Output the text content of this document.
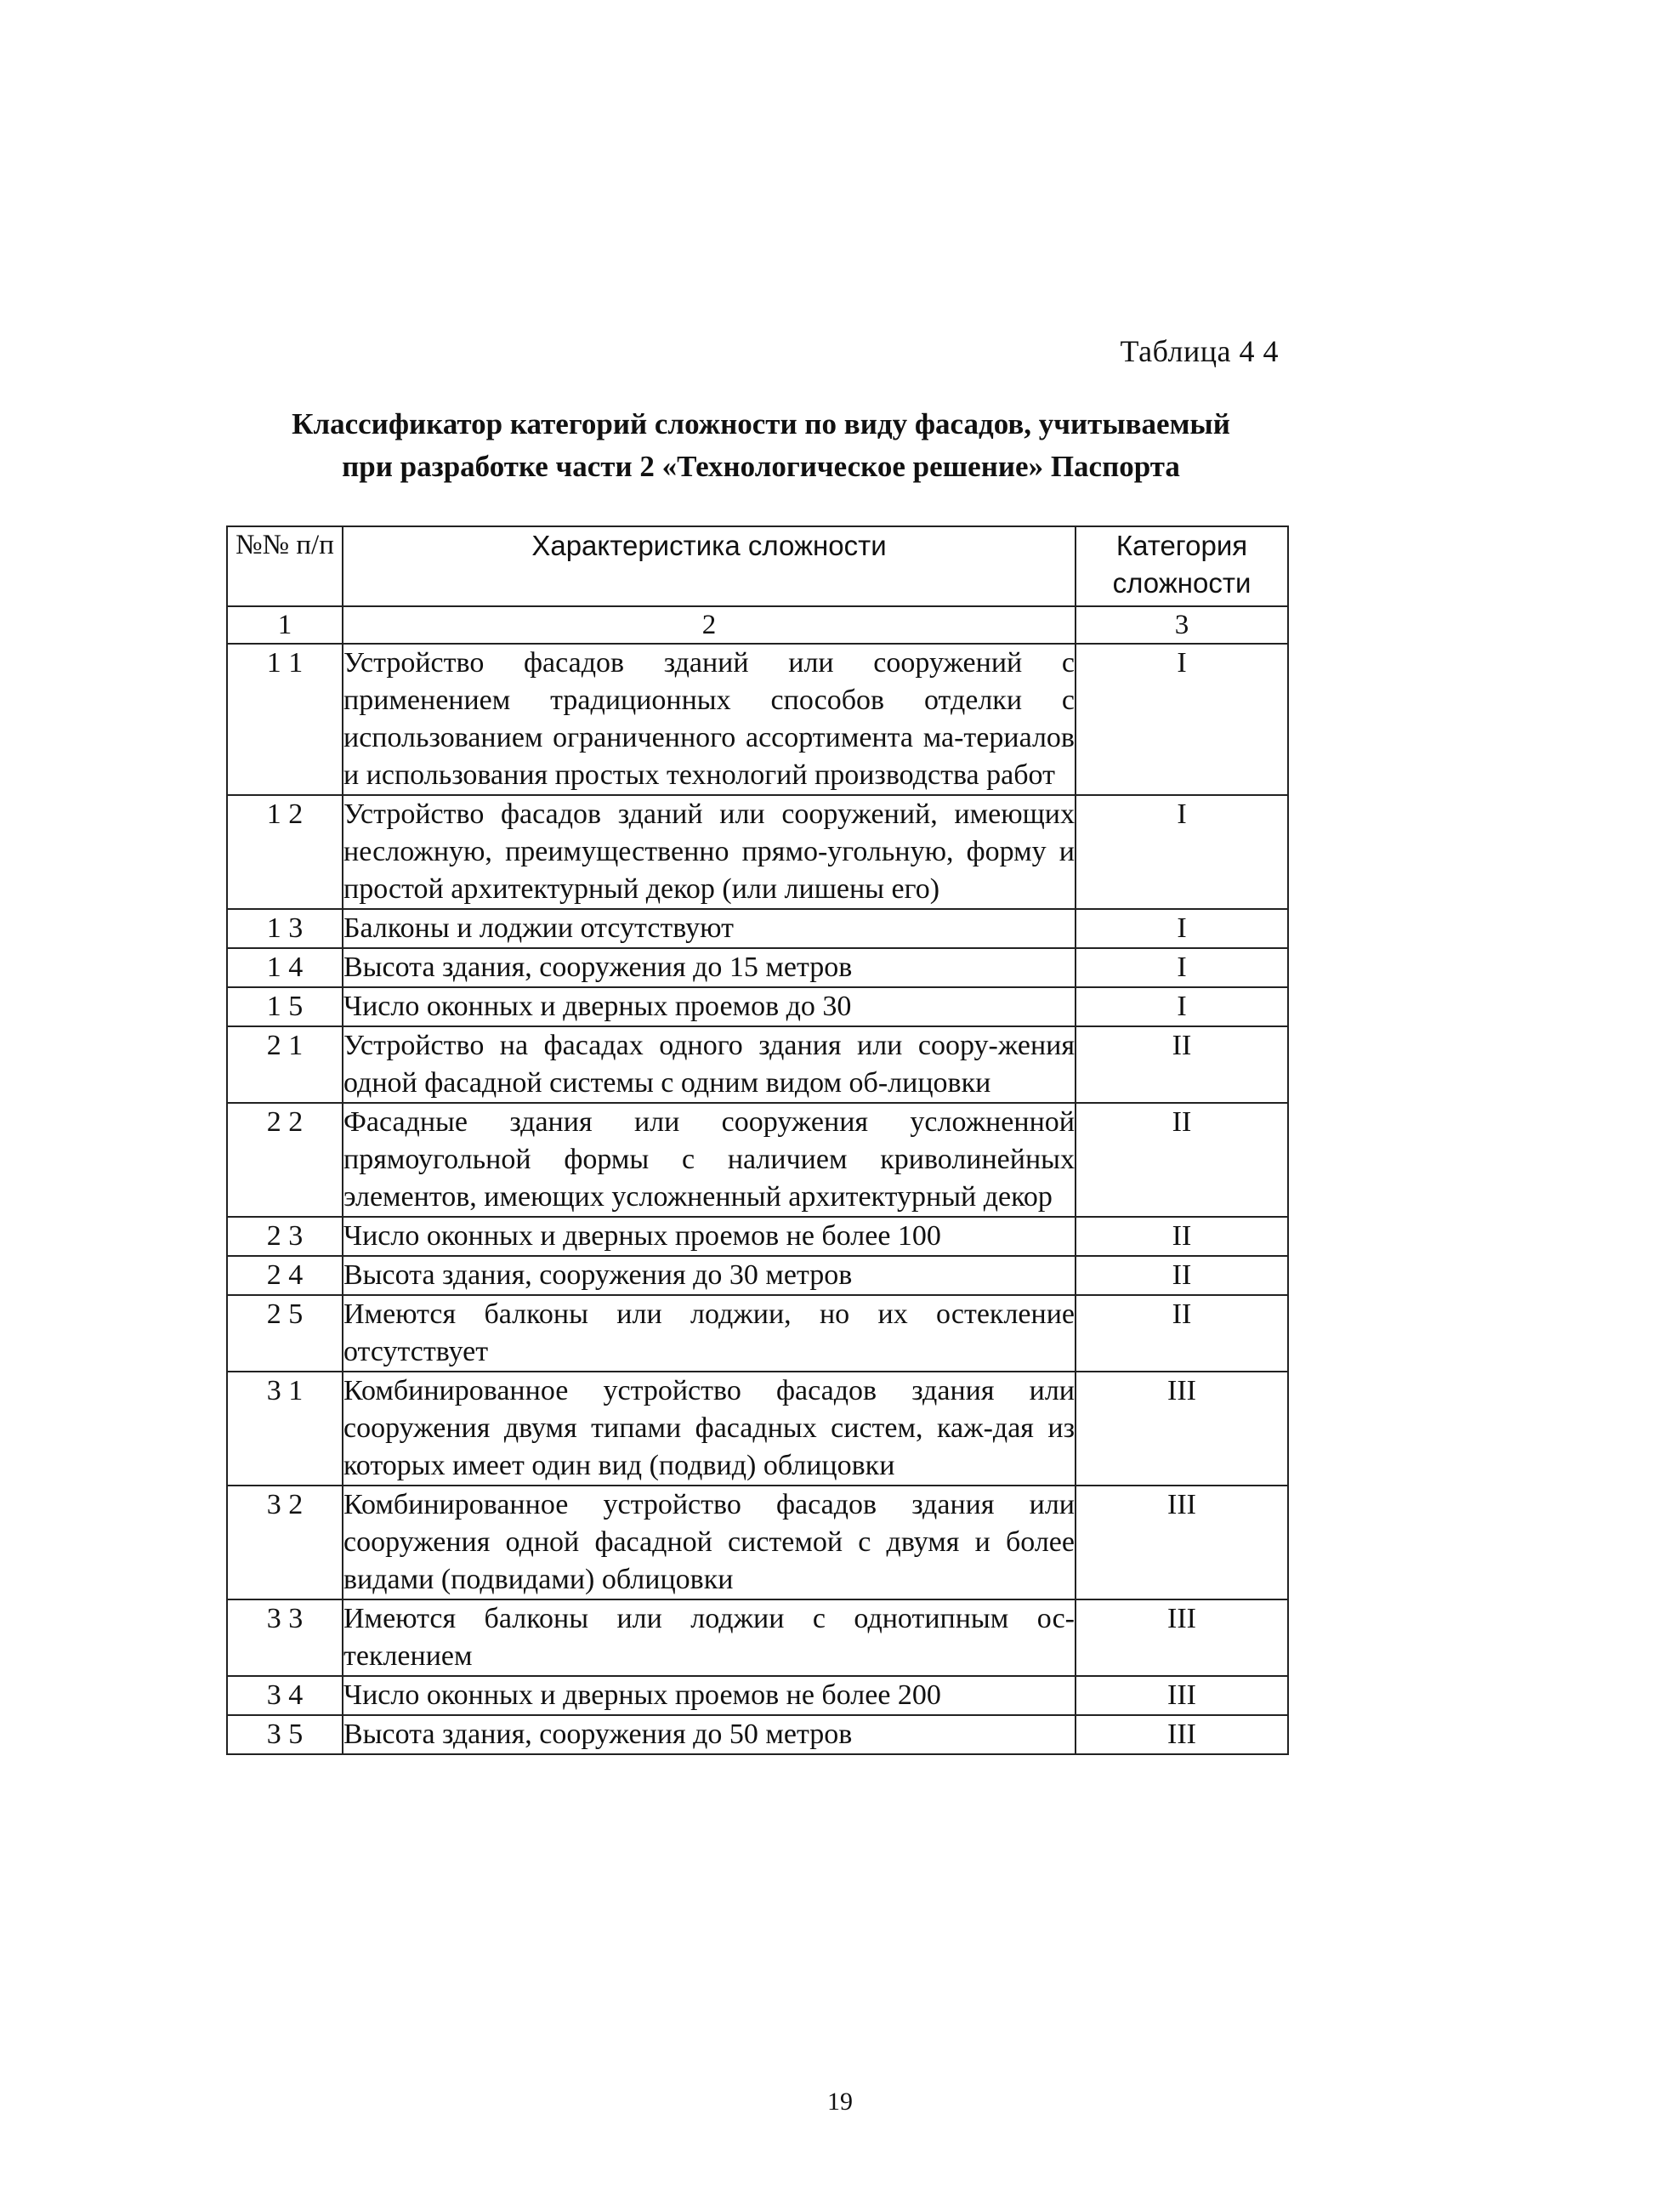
Таблица 4 4
Классификатор категорий сложности по виду фасадов, учитываемый
при разработке части 2 «Технологическое решение» Паспорта
№№ п/п	Характеристика сложности	Категория сложности
1	2	3
1 1	Устройство фасадов зданий или сооружений с применением традиционных способов отделки с использованием ограниченного ассортимента ма-териалов и использования простых технологий производства работ	I
1 2	Устройство фасадов зданий или сооружений, имеющих несложную, преимущественно прямо-угольную, форму и простой архитектурный декор (или лишены его)	I
1 3	Балконы и лоджии отсутствуют	I
1 4	Высота здания, сооружения до 15 метров	I
1 5	Число оконных и дверных проемов до 30	I
2 1	Устройство на фасадах одного здания или соору-жения одной фасадной системы с одним видом об-лицовки	II
2 2	Фасадные здания или сооружения усложненной прямоугольной формы с наличием криволинейных элементов, имеющих усложненный архитектурный декор	II
2 3	Число оконных и дверных проемов не более 100	II
2 4	Высота здания, сооружения до 30 метров	II
2 5	Имеются балконы или лоджии, но их остекление отсутствует	II
3 1	Комбинированное устройство фасадов здания или сооружения двумя типами фасадных систем, каж-дая из которых имеет один вид (подвид) облицовки	III
3 2	Комбинированное устройство фасадов здания или сооружения одной фасадной системой с двумя и более видами (подвидами) облицовки	III
3 3	Имеются балконы или лоджии с однотипным ос-теклением	III
3 4	Число оконных и дверных проемов не более 200	III
3 5	Высота здания, сооружения до 50 метров	III
19
